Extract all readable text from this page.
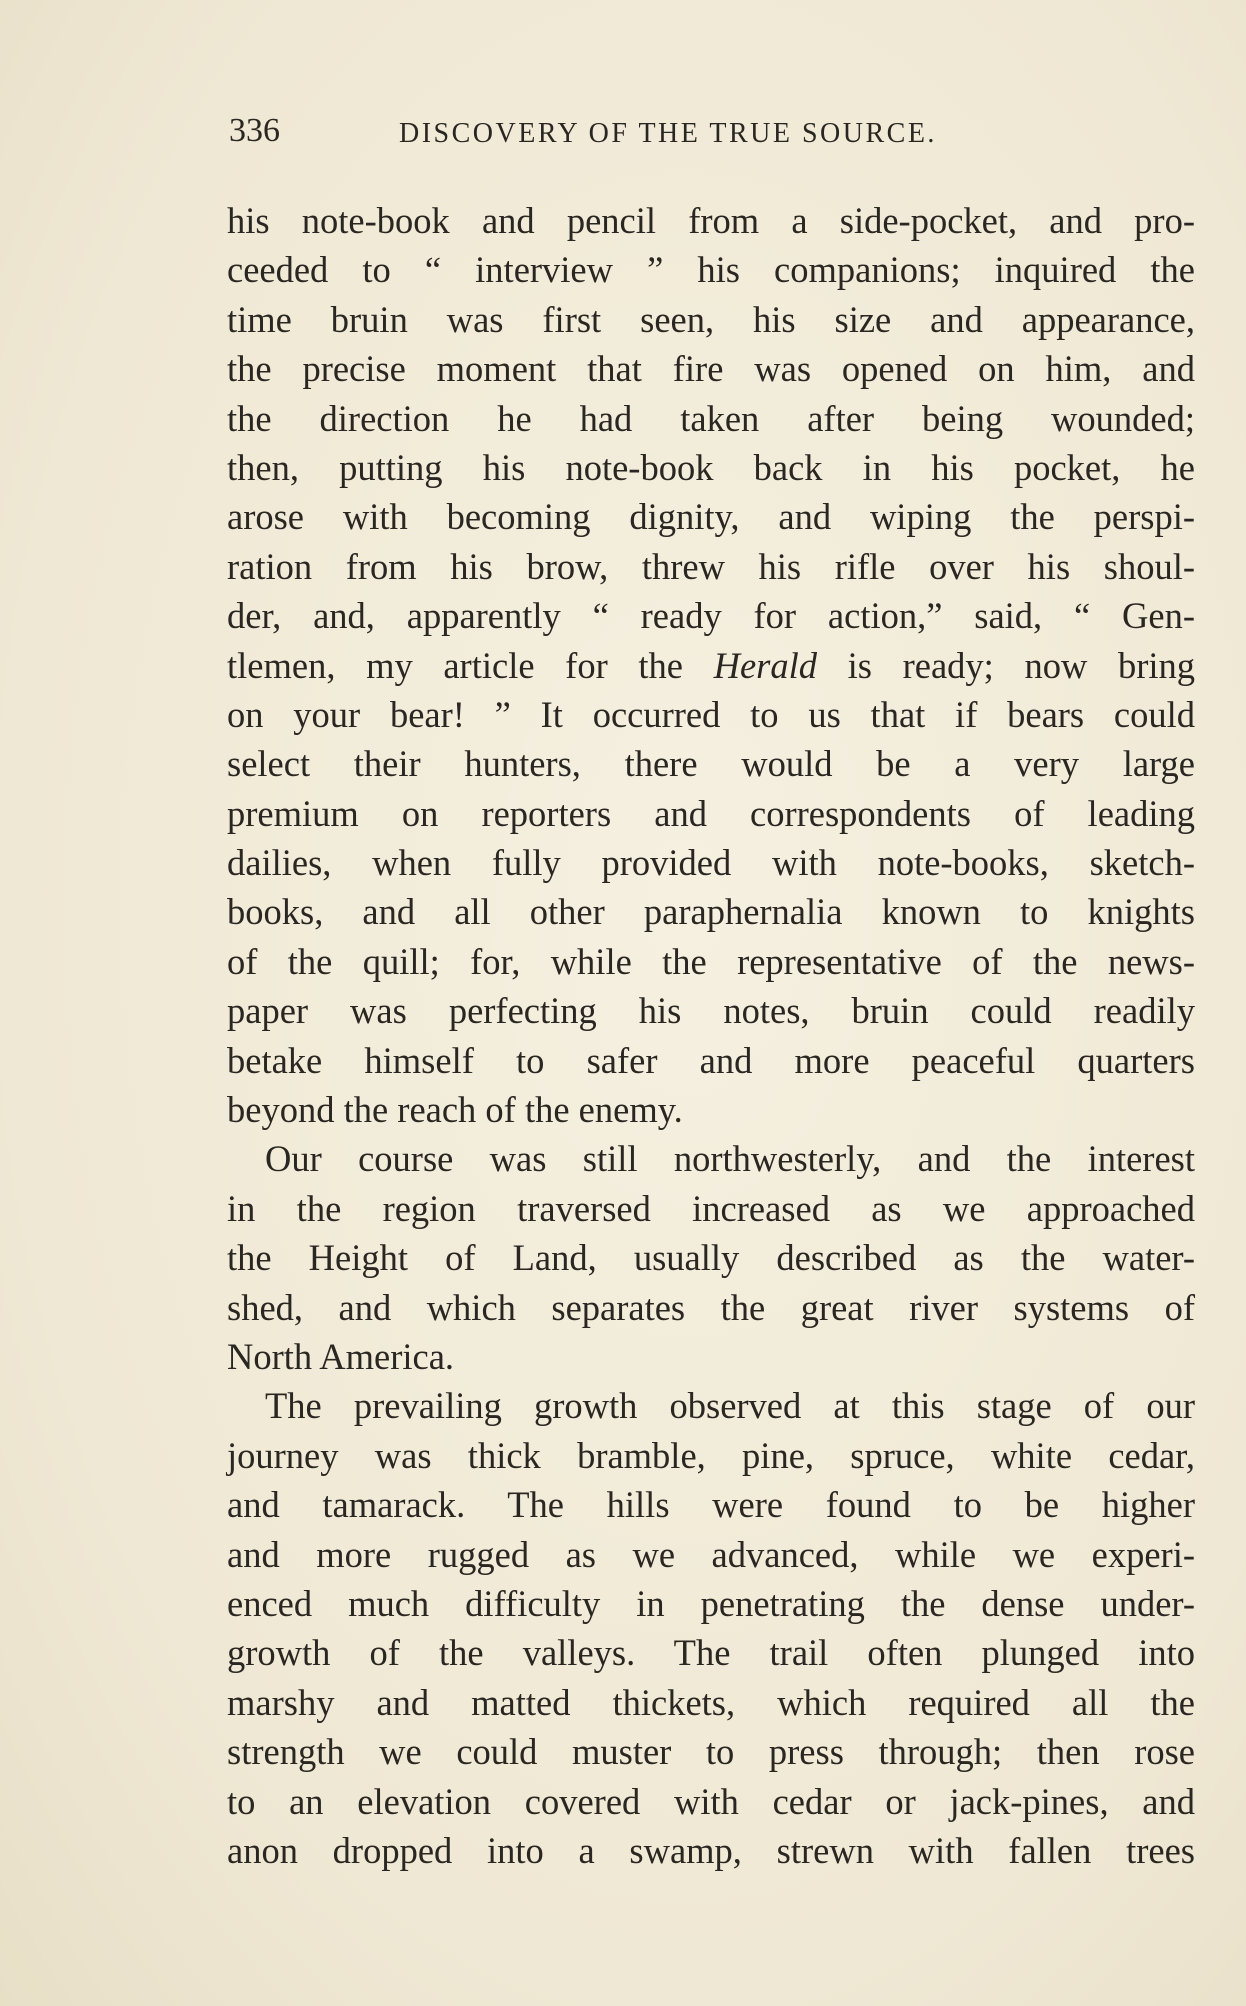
336	DISCOVERY OF THE TRUE SOURCE.
his note-book and pencil from a side-pocket, and pro-
ceeded to “ interview ” his companions; inquired the
time bruin was first seen, his size and appearance,
the precise moment that fire was opened on him, and
the direction he had taken after being wounded;
then, putting his note-book back in his pocket, he
arose with becoming dignity, and wiping the perspi-
ration from his brow, threw his rifle over his shoul-
der, and, apparently “ ready for action,” said, “ Gen-
tlemen, my article for the Herald is ready; now bring
on your bear! ” It occurred to us that if bears could
select their hunters, there would be a very large
premium on reporters and correspondents of leading
dailies, when fully provided with note-books, sketch-
books, and all other paraphernalia known to knights
of the quill; for, while the representative of the news-
paper was perfecting his notes, bruin could readily
betake himself to safer and more peaceful quarters
beyond the reach of the enemy.
Our course was still northwesterly, and the interest
in the region traversed increased as we approached
the Height of Land, usually described as the water-
shed, and which separates the great river systems of
North America.
The prevailing growth observed at this stage of our
journey was thick bramble, pine, spruce, white cedar,
and tamarack. The hills were found to be higher
and more rugged as we advanced, while we experi-
enced much difficulty in penetrating the dense under-
growth of the valleys. The trail often plunged into
marshy and matted thickets, which required all the
strength we could muster to press through; then rose
to an elevation covered with cedar or jack-pines, and
anon dropped into a swamp, strewn with fallen trees
